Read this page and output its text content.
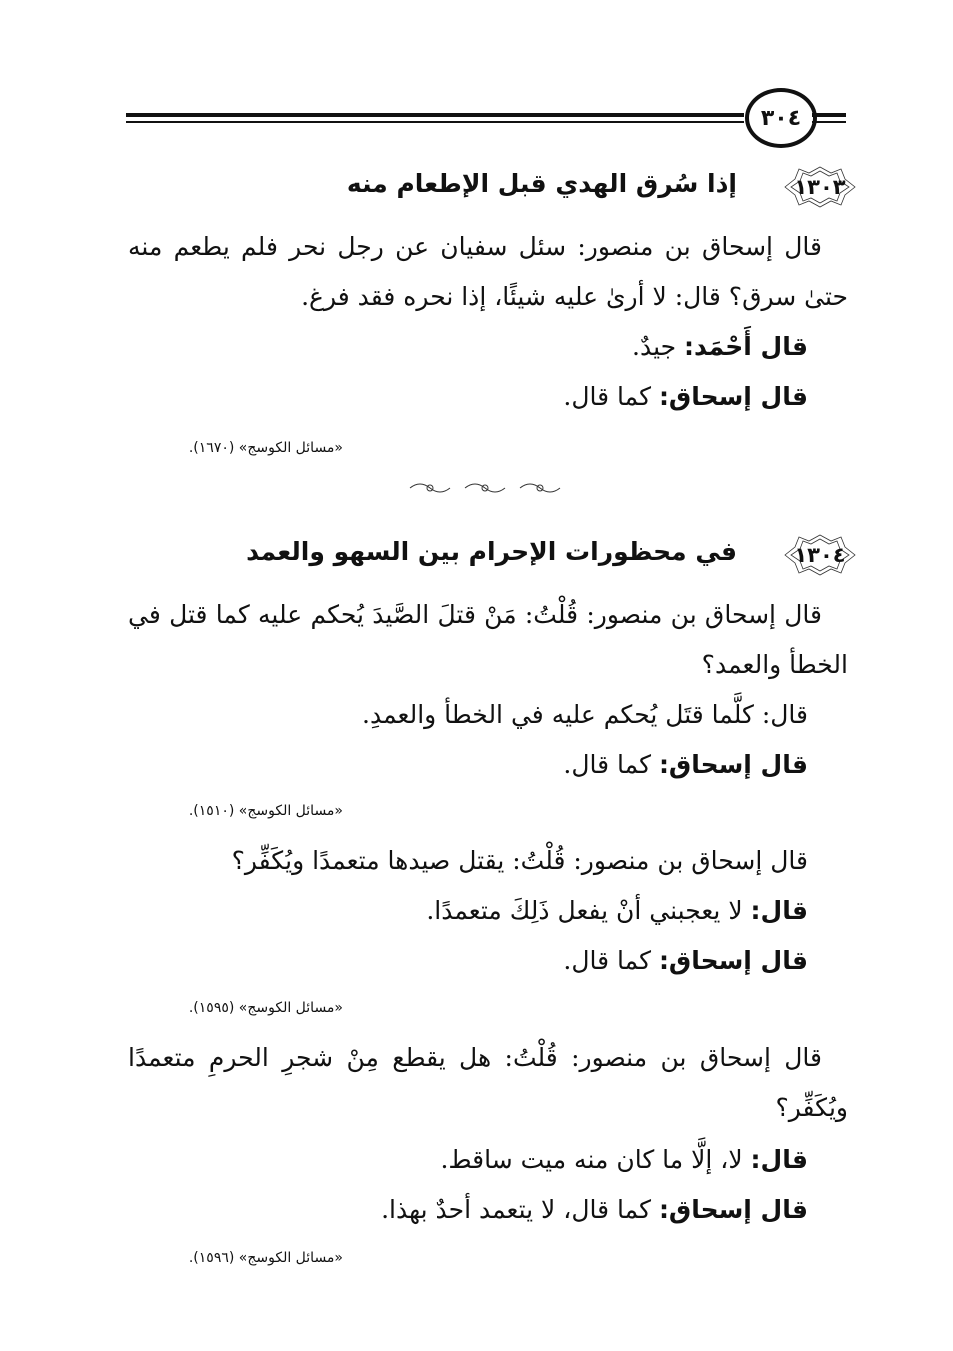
٣٠٤
١٣٠٣
إذا سُرق الهدي قبل الإطعام منه
قال إسحاق بن منصور: سئل سفيان عن رجل نحر فلم يطعم منه حتىٰ سرق؟ قال: لا أرىٰ عليه شيئًا، إذا نحره فقد فرغ.
قال أَحْمَد: جيدٌ.
قال إسحاق: كما قال.
«مسائل الكوسج» (١٦٧٠).
١٣٠٤
في محظورات الإحرام بين السهو والعمد
قال إسحاق بن منصور: قُلْتُ: مَنْ قتلَ الصَّيدَ يُحكم عليه كما قتل في الخطأ والعمد؟
قال: كلَّما قتَل يُحكم عليه في الخطأ والعمدِ.
قال إسحاق: كما قال.
«مسائل الكوسج» (١٥١٠).
قال إسحاق بن منصور: قُلْتُ: يقتل صيدها متعمدًا ويُكَفِّر؟
قال: لا يعجبني أنْ يفعل ذَلِكَ متعمدًا.
قال إسحاق: كما قال.
«مسائل الكوسج» (١٥٩٥).
قال إسحاق بن منصور: قُلْتُ: هل يقطع مِنْ شجرِ الحرمِ متعمدًا ويُكَفِّر؟
قال: لا، إلَّا ما كان منه ميت ساقط.
قال إسحاق: كما قال، لا يتعمد أحدٌ بهذا.
«مسائل الكوسج» (١٥٩٦).
